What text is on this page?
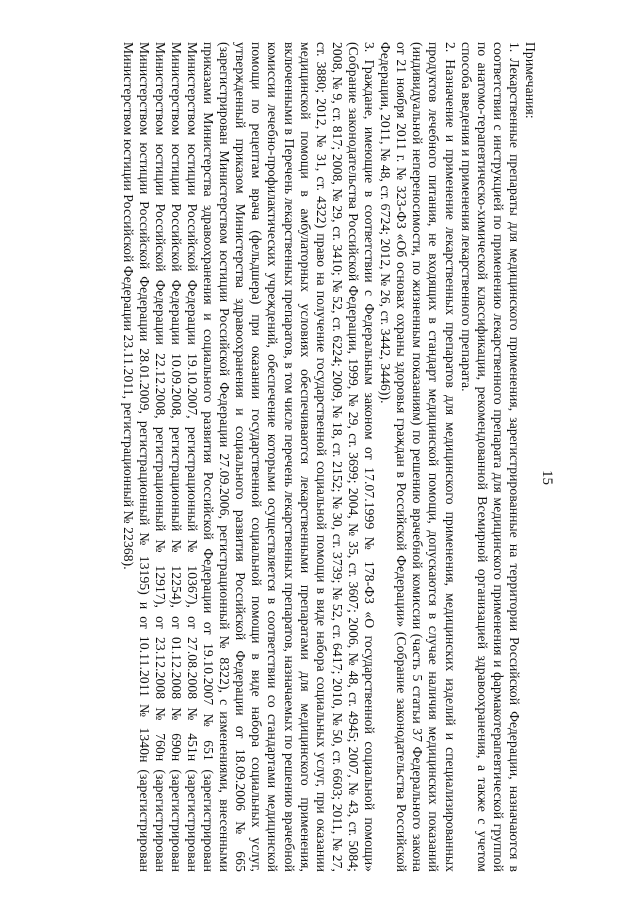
15

Примечания:

1. Лекарственные препараты для медицинского применения, зарегистрированные на территории Российской Федерации, назначаются в соответствии с инструкцией по применению лекарственного препарата для медицинского применения и фармакотерапевтической группой по анатомо-терапевтическо-химической классификации, рекомендованной Всемирной организацией здравоохранения, а также с учетом способа введения и применения лекарственного препарата.

2. Назначение и применение лекарственных препаратов для медицинского применения, медицинских изделий и специализированных продуктов лечебного питания, не входящих в стандарт медицинской помощи, допускаются в случае наличия медицинских показаний (индивидуальной непереносимости, по жизненным показаниям) по решению врачебной комиссии (часть 5 статьи 37 Федерального закона от 21 ноября 2011 г. № 323-ФЗ «Об основах охраны здоровья граждан в Российской Федерации» (Собрание законодательства Российской Федерации, 2011, № 48, ст. 6724; 2012, № 26, ст. 3442, 3446)).

3. Граждане, имеющие в соответствии с Федеральным законом от 17.07.1999 № 178-ФЗ «О государственной социальной помощи» (Собрание законодательства Российской Федерации, 1999, № 29, ст. 3699; 2004, № 35, ст. 3607; 2006, № 48, ст. 4945; 2007, № 43, ст. 5084; 2008, № 9, ст. 817; 2008, № 29, ст. 3410; № 52, ст. 6224; 2009, № 18, ст. 2152; № 30, ст. 3739; № 52, ст. 6417; 2010, № 50, ст. 6603; 2011, № 27, ст. 3880; 2012, № 31, ст. 4322) право на получение государственной социальной помощи в виде набора социальных услуг, при оказании медицинской помощи в амбулаторных условиях обеспечиваются лекарственными препаратами для медицинского применения, включенными в Перечень лекарственных препаратов, в том числе перечень лекарственных препаратов, назначаемых по решению врачебной комиссии лечебно-профилактических учреждений, обеспечение которыми осуществляется в соответствии со стандартами медицинской помощи по рецептам врача (фельдшера) при оказании государственной социальной помощи в виде набора социальных услуг, утвержденный приказом Министерства здравоохранения и социального развития Российской Федерации от 18.09.2006 № 665 (зарегистрирован Министерством юстиции Российской Федерации 27.09.2006, регистрационный № 8322), с изменениями, внесенными приказами Министерства здравоохранения и социального развития Российской Федерации от 19.10.2007 № 651 (зарегистрирован Министерством юстиции Российской Федерации 19.10.2007, регистрационный № 10367), от 27.08.2008 № 451н (зарегистрирован Министерством юстиции Российской Федерации 10.09.2008, регистрационный № 12254), от 01.12.2008 № 690н (зарегистрирован Министерством юстиции Российской Федерации 22.12.2008, регистрационный № 12917), от 23.12.2008 № 760н (зарегистрирован Министерством юстиции Российской Федерации 28.01.2009, регистрационный № 13195) и от 10.11.2011 № 1340н (зарегистрирован Министерством юстиции Российской Федерации 23.11.2011, регистрационный № 22368).
